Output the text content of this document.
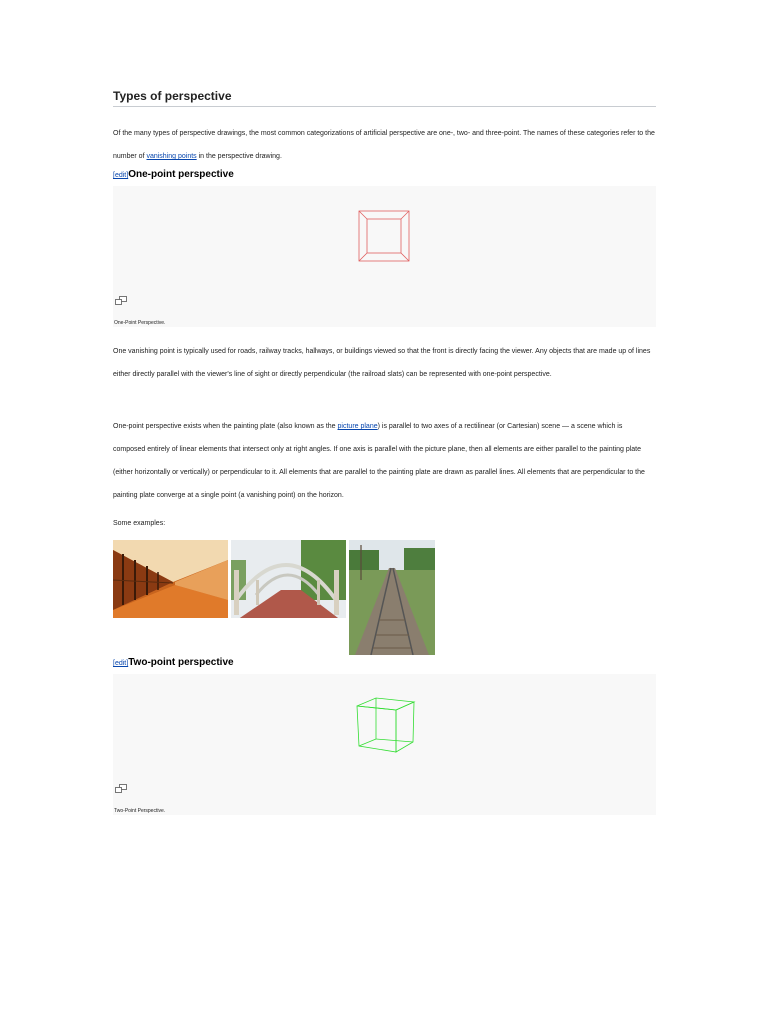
Types of perspective
Of the many types of perspective drawings, the most common categorizations of artificial perspective are one-, two- and three-point. The names of these categories refer to the number of vanishing points in the perspective drawing.
[edit]One-point perspective
One-Point Perspective.
One vanishing point is typically used for roads, railway tracks, hallways, or buildings viewed so that the front is directly facing the viewer. Any objects that are made up of lines either directly parallel with the viewer's line of sight or directly perpendicular (the railroad slats) can be represented with one-point perspective.
One-point perspective exists when the painting plate (also known as the picture plane) is parallel to two axes of a rectilinear (or Cartesian) scene — a scene which is composed entirely of linear elements that intersect only at right angles. If one axis is parallel with the picture plane, then all elements are either parallel to the painting plate (either horizontally or vertically) or perpendicular to it. All elements that are parallel to the painting plate are drawn as parallel lines. All elements that are perpendicular to the painting plate converge at a single point (a vanishing point) on the horizon.
Some examples:
[edit]Two-point perspective
Two-Point Perspective.
